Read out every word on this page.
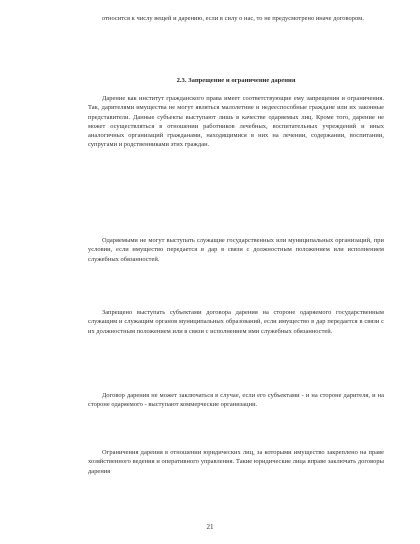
относится к числу вещей и дарению, если в силу о нас, то не предусмотрено иначе договором.

2.3. Запрещение и ограничение дарения

Дарение как институт гражданского права имеет соответствующие ему запрещения и ограничения. Так, дарителями имущества не могут являться малолетние и недееспособные граждане или их законные представители. Данные субъекты выступают лишь в качестве одаряемых лиц. Кроме того, дарение не может осуществляться в отношении работников лечебных, воспитательных учреждений и иных аналогичных организаций гражданами, находящимися в них на лечении, содержании, воспитании, супругами и родственниками этих граждан.

Одаряемыми не могут выступать служащие государственных или муниципальных организаций, при условии, если имущество передается в дар в связи с должностным положением или исполнением служебных обязанностей.

Запрещено выступать субъектами договора дарения на стороне одаряемого государственным служащим и служащим органов муниципальных образований, если имущество в дар передается в связи с их должностным положением или в связи с исполнением ими служебных обязанностей.

Договор дарения не может заключаться в случае, если его субъектами - и на стороне дарителя, и на стороне одаряемого - выступают коммерческие организации.

Ограничения дарения в отношении юридических лиц, за которыми имущество закреплено на праве хозяйственного ведения и оперативного управления. Такие юридические лица вправе заключать договоры дарения

21
